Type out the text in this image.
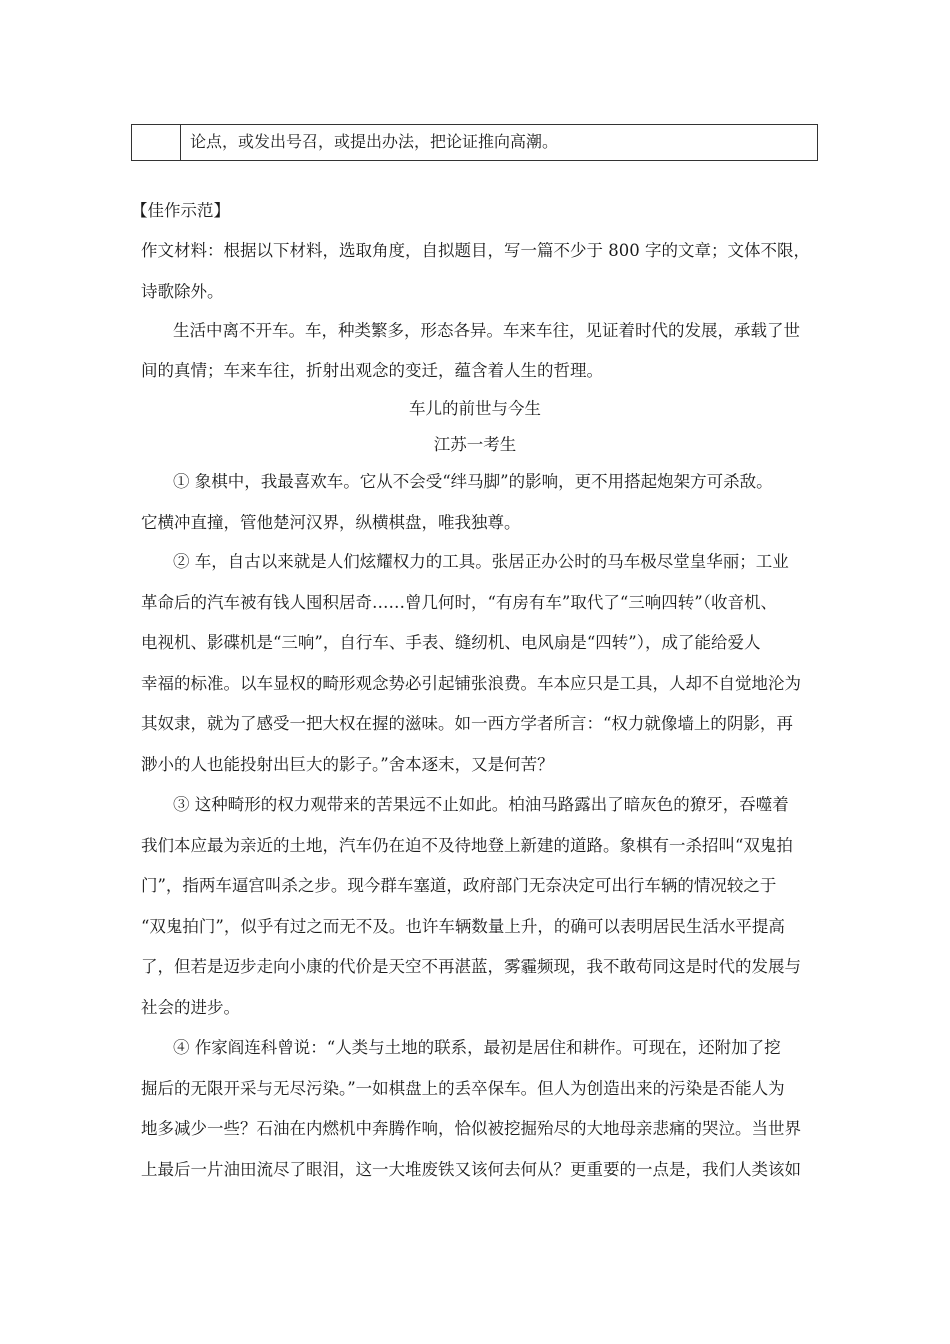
论点，或发出号召，或提出办法，把论证推向高潮。
【佳作示范】
作文材料：根据以下材料，选取角度，自拟题目，写一篇不少于 800 字的文章；文体不限，
诗歌除外。
生活中离不开车。车，种类繁多，形态各异。车来车往，见证着时代的发展，承载了世
间的真情；车来车往，折射出观念的变迁，蕴含着人生的哲理。
车儿的前世与今生
江苏一考生
① 象棋中，我最喜欢车。它从不会受“绊马脚”的影响，更不用搭起炮架方可杀敌。
它横冲直撞，管他楚河汉界，纵横棋盘，唯我独尊。
② 车，自古以来就是人们炫耀权力的工具。张居正办公时的马车极尽堂皇华丽；工业
革命后的汽车被有钱人囤积居奇……曾几何时，“有房有车”取代了“三响四转”（收音机、
电视机、影碟机是“三响”，自行车、手表、缝纫机、电风扇是“四转”），成了能给爱人
幸福的标准。以车显权的畸形观念势必引起铺张浪费。车本应只是工具，人却不自觉地沦为
其奴隶，就为了感受一把大权在握的滋味。如一西方学者所言：“权力就像墙上的阴影，再
渺小的人也能投射出巨大的影子。”舍本逐末，又是何苦？
③ 这种畸形的权力观带来的苦果远不止如此。柏油马路露出了暗灰色的獠牙，吞噬着
我们本应最为亲近的土地，汽车仍在迫不及待地登上新建的道路。象棋有一杀招叫“双鬼拍
门”，指两车逼宫叫杀之步。现今群车塞道，政府部门无奈决定可出行车辆的情况较之于
“双鬼拍门”，似乎有过之而无不及。也许车辆数量上升，的确可以表明居民生活水平提高
了，但若是迈步走向小康的代价是天空不再湛蓝，雾霾频现，我不敢苟同这是时代的发展与
社会的进步。
④ 作家阎连科曾说：“人类与土地的联系，最初是居住和耕作。可现在，还附加了挖
掘后的无限开采与无尽污染。”一如棋盘上的丢卒保车。但人为创造出来的污染是否能人为
地多减少一些？石油在内燃机中奔腾作响，恰似被挖掘殆尽的大地母亲悲痛的哭泣。当世界
上最后一片油田流尽了眼泪，这一大堆废铁又该何去何从？更重要的一点是，我们人类该如
